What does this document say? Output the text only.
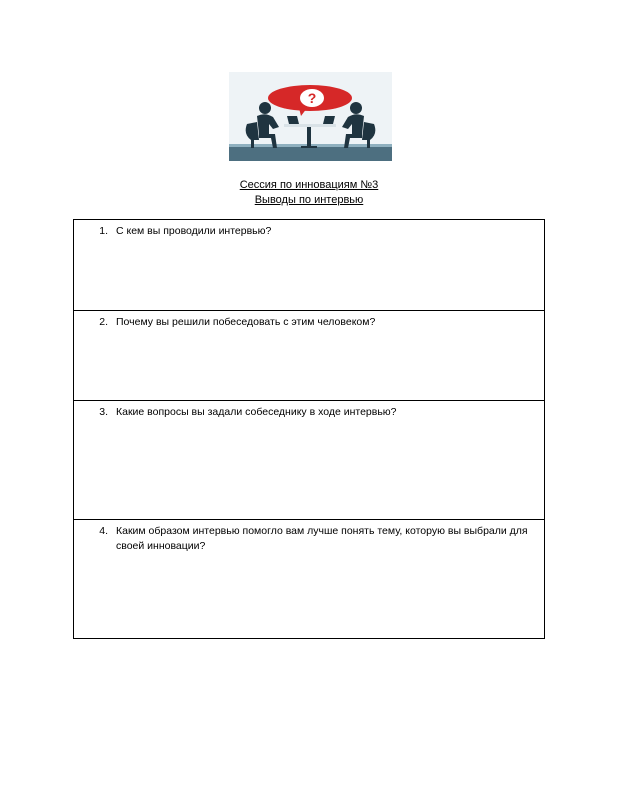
?
Сессия по инновациям №3
Выводы по интервью
1. С кем вы проводили интервью?

2. Почему вы решили побеседовать с этим человеком?

3. Какие вопросы вы задали собеседнику в ходе интервью?

4. Каким образом интервью помогло вам лучше понять тему, которую вы выбрали для своей инновации?
